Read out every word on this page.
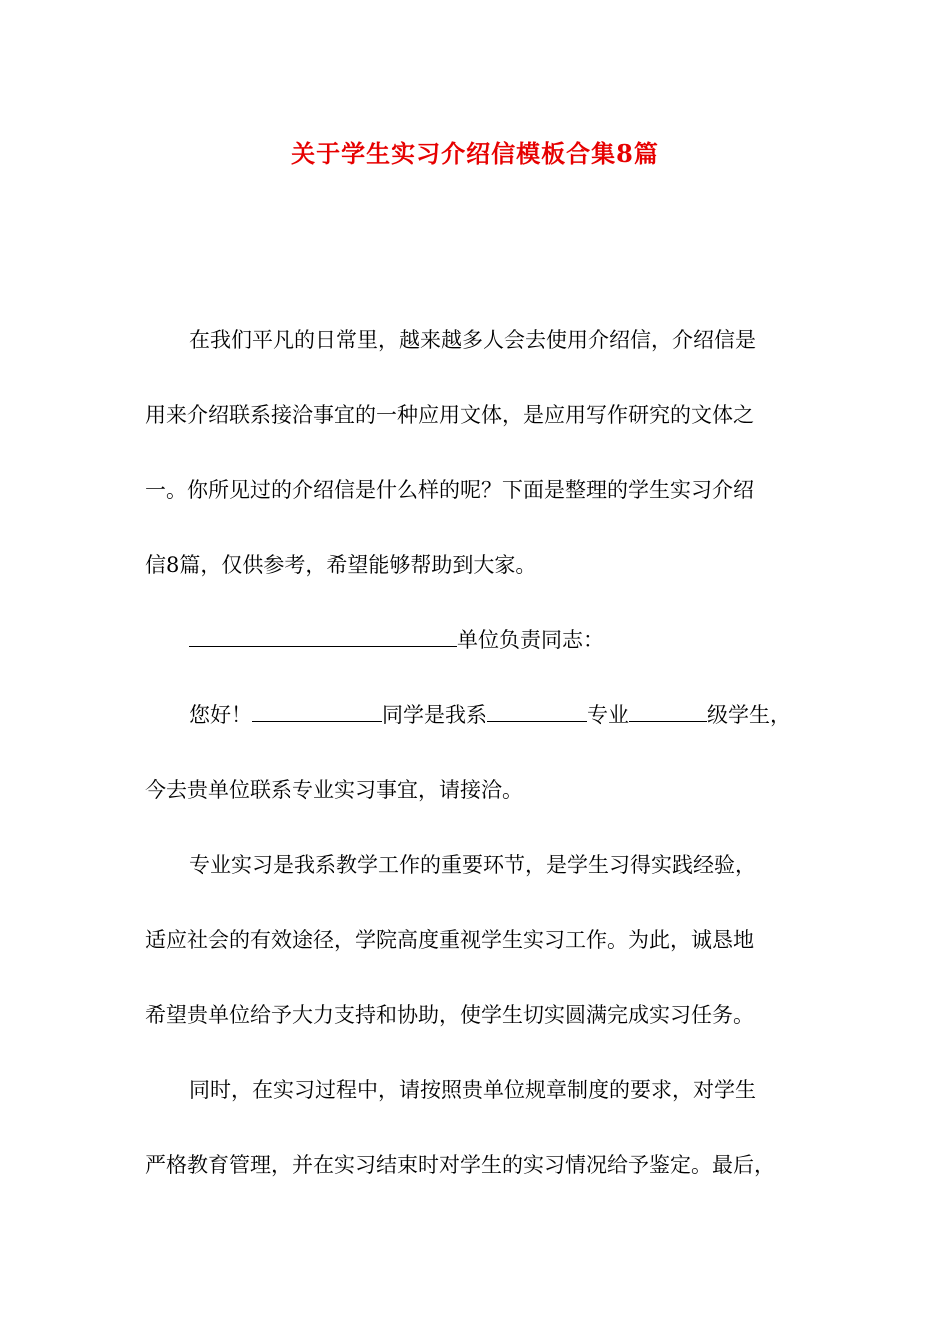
关于学生实习介绍信模板合集8篇

在我们平凡的日常里，越来越多人会去使用介绍信，介绍信是

用来介绍联系接洽事宜的一种应用文体，是应用写作研究的文体之

一。你所见过的介绍信是什么样的呢？下面是整理的学生实习介绍

信8篇，仅供参考，希望能够帮助到大家。

单位负责同志：

您好！	同学是我系	专业	级学生，

今去贵单位联系专业实习事宜，请接洽。

专业实习是我系教学工作的重要环节，是学生习得实践经验，

适应社会的有效途径，学院高度重视学生实习工作。为此，诚恳地

希望贵单位给予大力支持和协助，使学生切实圆满完成实习任务。

同时，在实习过程中，请按照贵单位规章制度的要求，对学生

严格教育管理，并在实习结束时对学生的实习情况给予鉴定。最后，
